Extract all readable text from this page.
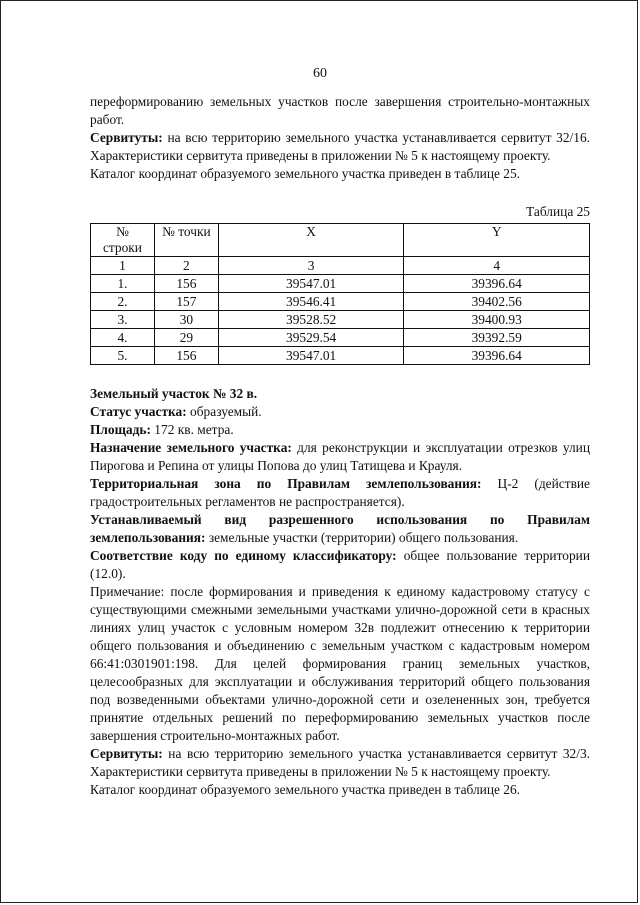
60

переформированию земельных участков после завершения строительно-монтажных работ.

Сервитуты: на всю территорию земельного участка устанавливается сервитут 32/16. Характеристики сервитута приведены в приложении № 5 к настоящему проекту.

Каталог координат образуемого земельного участка приведен в таблице 25.

Таблица 25
№ строки	№ точки	X	Y
1	2	3	4
1.	156	39547.01	39396.64
2.	157	39546.41	39402.56
3.	30	39528.52	39400.93
4.	29	39529.54	39392.59
5.	156	39547.01	39396.64

Земельный участок № 32 в.

Статус участка: образуемый.

Площадь: 172 кв. метра.

Назначение земельного участка: для реконструкции и эксплуатации отрезков улиц Пирогова и Репина от улицы Попова до улиц Татищева и Крауля.

Территориальная зона по Правилам землепользования: Ц-2 (действие градостроительных регламентов не распространяется).

Устанавливаемый вид разрешенного использования по Правилам землепользования: земельные участки (территории) общего пользования.

Соответствие коду по единому классификатору: общее пользование территории (12.0).

Примечание: после формирования и приведения к единому кадастровому статусу с существующими смежными земельными участками улично-дорожной сети в красных линиях улиц участок с условным номером 32в подлежит отнесению к территории общего пользования и объединению с земельным участком с кадастровым номером 66:41:0301901:198. Для целей формирования границ земельных участков, целесообразных для эксплуатации и обслуживания территорий общего пользования под возведенными объектами улично-дорожной сети и озелененных зон, требуется принятие отдельных решений по переформированию земельных участков после завершения строительно-монтажных работ.

Сервитуты: на всю территорию земельного участка устанавливается сервитут 32/3. Характеристики сервитута приведены в приложении № 5 к настоящему проекту.

Каталог координат образуемого земельного участка приведен в таблице 26.
